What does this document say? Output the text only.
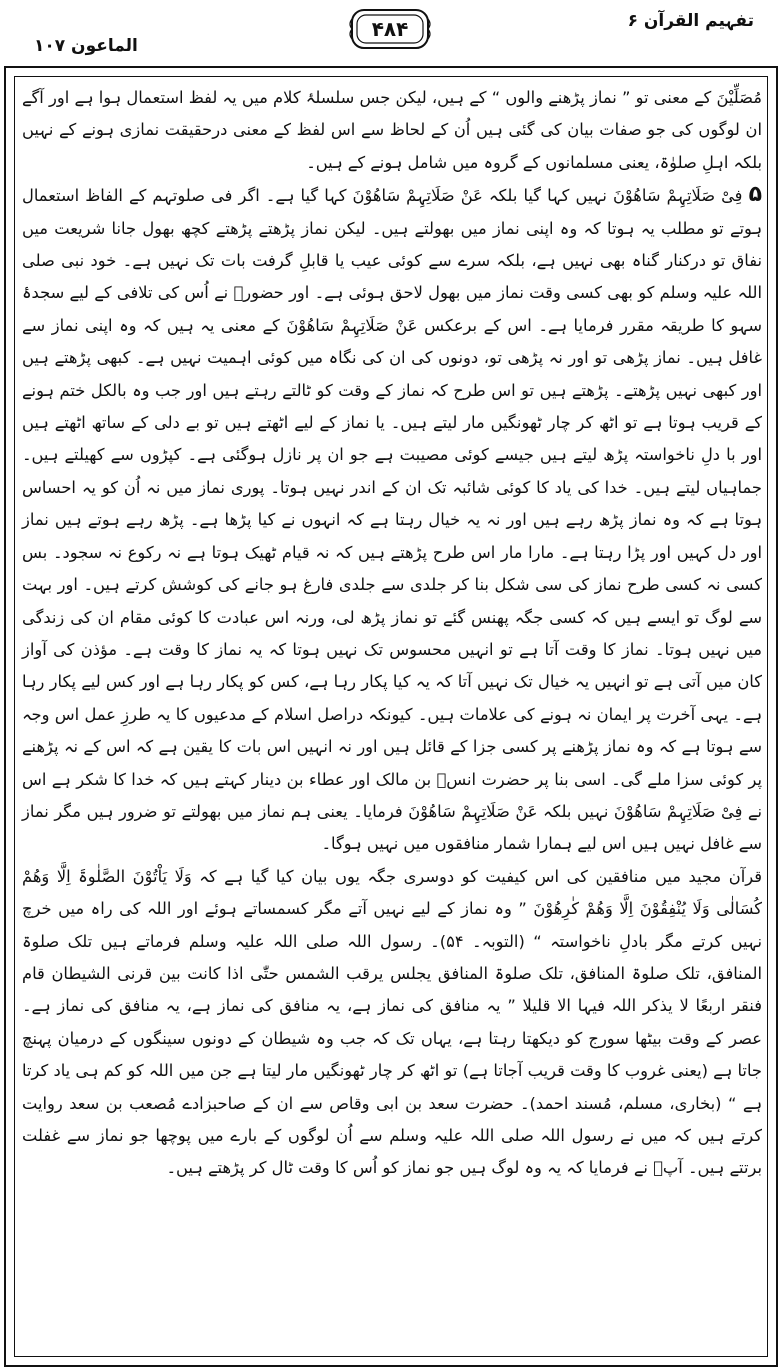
الماعون ۱۰۷
۴۸۴	تفہیم القرآن ۶

مُصَلِّیْنَ کے معنی تو ” نماز پڑھنے والوں “ کے ہیں، لیکن جس سلسلۂ کلام میں یہ لفظ استعمال ہوا ہے اور آگے ان لوگوں کی جو صفات بیان کی گئی ہیں اُن کے لحاظ سے اس لفظ کے معنی درحقیقت نمازی ہونے کے نہیں بلکہ اہلِ صلوٰۃ، یعنی مسلمانوں کے گروہ میں شامل ہونے کے ہیں۔

۵ فِیْ صَلَاتِہِمْ سَاھُوْنَ نہیں کہا گیا بلکہ عَنْ صَلَاتِہِمْ سَاھُوْنَ کہا گیا ہے۔ اگر فی صلوتہم کے الفاظ استعمال ہوتے تو مطلب یہ ہوتا کہ وہ اپنی نماز میں بھولتے ہیں۔ لیکن نماز پڑھتے پڑھتے کچھ بھول جانا شریعت میں نفاق تو درکنار گناہ بھی نہیں ہے، بلکہ سرے سے کوئی عیب یا قابلِ گرفت بات تک نہیں ہے۔ خود نبی صلی اللہ علیہ وسلم کو بھی کسی وقت نماز میں بھول لاحق ہوئی ہے۔ اور حضورؐ نے اُس کی تلافی کے لیے سجدۂ سہو کا طریقہ مقرر فرمایا ہے۔ اس کے برعکس عَنْ صَلَاتِہِمْ سَاھُوْنَ کے معنی یہ ہیں کہ وہ اپنی نماز سے غافل ہیں۔ نماز پڑھی تو اور نہ پڑھی تو، دونوں کی ان کی نگاہ میں کوئی اہمیت نہیں ہے۔ کبھی پڑھتے ہیں اور کبھی نہیں پڑھتے۔ پڑھتے ہیں تو اس طرح کہ نماز کے وقت کو ٹالتے رہتے ہیں اور جب وہ بالکل ختم ہونے کے قریب ہوتا ہے تو اٹھ کر چار ٹھونگیں مار لیتے ہیں۔ یا نماز کے لیے اٹھتے ہیں تو بے دلی کے ساتھ اٹھتے ہیں اور با دلِ ناخواستہ پڑھ لیتے ہیں جیسے کوئی مصیبت ہے جو ان پر نازل ہوگئی ہے۔ کپڑوں سے کھیلتے ہیں۔ جماہیاں لیتے ہیں۔ خدا کی یاد کا کوئی شائبہ تک ان کے اندر نہیں ہوتا۔ پوری نماز میں نہ اُن کو یہ احساس ہوتا ہے کہ وہ نماز پڑھ رہے ہیں اور نہ یہ خیال رہتا ہے کہ انہوں نے کیا پڑھا ہے۔ پڑھ رہے ہوتے ہیں نماز اور دل کہیں اور پڑا رہتا ہے۔ مارا مار اس طرح پڑھتے ہیں کہ نہ قیام ٹھیک ہوتا ہے نہ رکوع نہ سجود۔ بس کسی نہ کسی طرح نماز کی سی شکل بنا کر جلدی سے جلدی فارغ ہو جانے کی کوشش کرتے ہیں۔ اور بہت سے لوگ تو ایسے ہیں کہ کسی جگہ پھنس گئے تو نماز پڑھ لی، ورنہ اس عبادت کا کوئی مقام ان کی زندگی میں نہیں ہوتا۔ نماز کا وقت آتا ہے تو انہیں محسوس تک نہیں ہوتا کہ یہ نماز کا وقت ہے۔ مؤذن کی آواز کان میں آتی ہے تو انہیں یہ خیال تک نہیں آتا کہ یہ کیا پکار رہا ہے، کس کو پکار رہا ہے اور کس لیے پکار رہا ہے۔ یہی آخرت پر ایمان نہ ہونے کی علامات ہیں۔ کیونکہ دراصل اسلام کے مدعیوں کا یہ طرزِ عمل اس وجہ سے ہوتا ہے کہ وہ نماز پڑھنے پر کسی جزا کے قائل ہیں اور نہ انہیں اس بات کا یقین ہے کہ اس کے نہ پڑھنے پر کوئی سزا ملے گی۔ اسی بنا پر حضرت انسؓ بن مالک اور عطاء بن دینار کہتے ہیں کہ خدا کا شکر ہے اس نے فِیْ صَلَاتِہِمْ سَاھُوْنَ نہیں بلکہ عَنْ صَلَاتِہِمْ سَاھُوْنَ فرمایا۔ یعنی ہم نماز میں بھولتے تو ضرور ہیں مگر نماز سے غافل نہیں ہیں اس لیے ہمارا شمار منافقوں میں نہیں ہوگا۔

قرآن مجید میں منافقین کی اس کیفیت کو دوسری جگہ یوں بیان کیا گیا ہے کہ وَلَا یَاْتُوْنَ الصَّلٰوۃَ اِلَّا وَھُمْ کُسَالٰی وَلَا یُنْفِقُوْنَ اِلَّا وَھُمْ کٰرِھُوْنَ ” وہ نماز کے لیے نہیں آتے مگر کسمساتے ہوئے اور اللہ کی راہ میں خرچ نہیں کرتے مگر بادلِ ناخواستہ “ (التوبہ۔ ۵۴)۔ رسول اللہ صلی اللہ علیہ وسلم فرماتے ہیں تلک صلوۃ المنافق، تلک صلوۃ المنافق، تلک صلوۃ المنافق یجلس یرقب الشمس حتّٰی اذا کانت بین قرنی الشیطان قام فنقر اربعًا لا یذکر اللہ فیہا الا قلیلا ” یہ منافق کی نماز ہے، یہ منافق کی نماز ہے، یہ منافق کی نماز ہے۔ عصر کے وقت بیٹھا سورج کو دیکھتا رہتا ہے، یہاں تک کہ جب وہ شیطان کے دونوں سینگوں کے درمیان پہنچ جاتا ہے (یعنی غروب کا وقت قریب آجاتا ہے) تو اٹھ کر چار ٹھونگیں مار لیتا ہے جن میں اللہ کو کم ہی یاد کرتا ہے “ (بخاری، مسلم، مُسند احمد)۔ حضرت سعد بن ابی وقاص سے ان کے صاحبزادے مُصعب بن سعد روایت کرتے ہیں کہ میں نے رسول اللہ صلی اللہ علیہ وسلم سے اُن لوگوں کے بارے میں پوچھا جو نماز سے غفلت برتتے ہیں۔ آپؐ نے فرمایا کہ یہ وہ لوگ ہیں جو نماز کو اُس کا وقت ٹال کر پڑھتے ہیں۔
